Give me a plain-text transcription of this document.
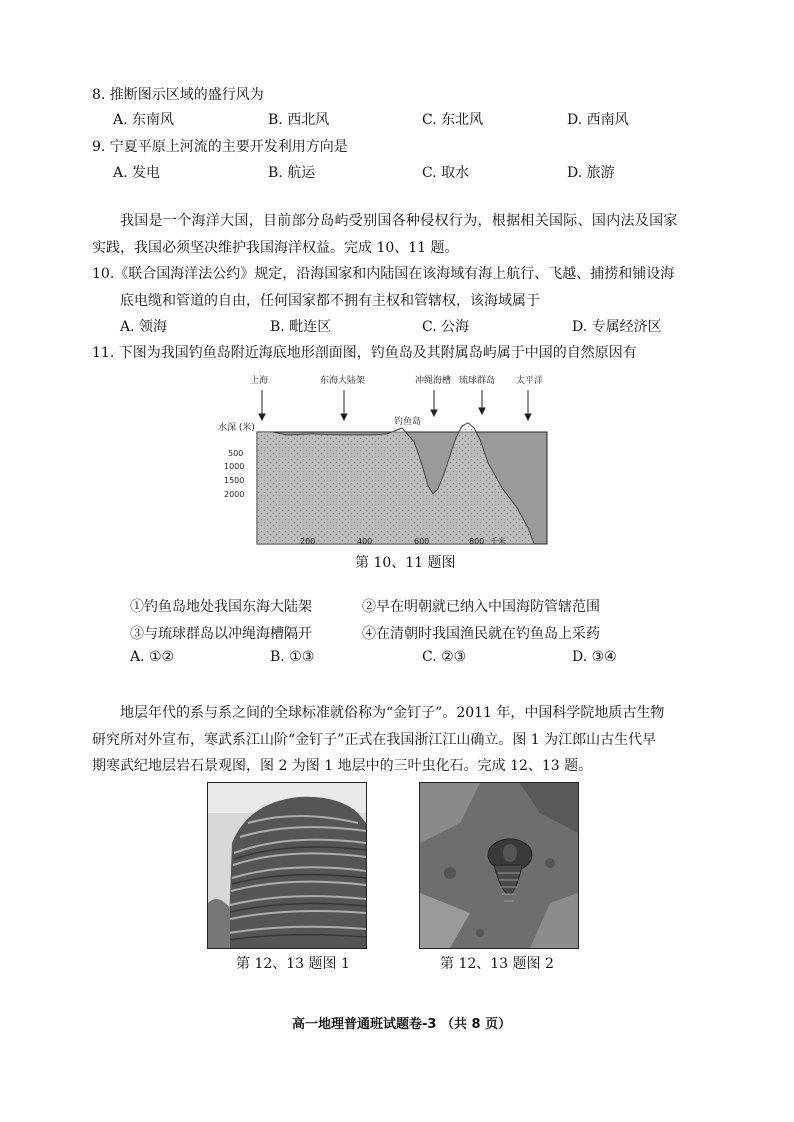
8. 推断图示区域的盛行风为
A. 东南风	B. 西北风	C. 东北风	D. 西南风
9. 宁夏平原上河流的主要开发利用方向是
A. 发电	B. 航运	C. 取水	D. 旅游
我国是一个海洋大国，目前部分岛屿受别国各种侵权行为，根据相关国际、国内法及国家
实践，我国必须坚决维护我国海洋权益。完成 10、11 题。
10.《联合国海洋法公约》规定，沿海国家和内陆国在该海域有海上航行、飞越、捕捞和铺设海
底电缆和管道的自由，任何国家都不拥有主权和管辖权，该海域属于
A. 领海	B. 毗连区	C. 公海	D. 专属经济区
11. 下图为我国钓鱼岛附近海底地形剖面图，钓鱼岛及其附属岛屿属于中国的自然原因有
上海	东海大陆架	冲绳海槽 琉球群岛 太平洋
钓鱼岛
水深 (米)
500
1000
1500
2000
200	400	600	800 千米
第 10、11 题图
①钓鱼岛地处我国东海大陆架	②早在明朝就已纳入中国海防管辖范围
③与琉球群岛以冲绳海槽隔开	④在清朝时我国渔民就在钓鱼岛上采药
A. ①②	B. ①③	C. ②③	D. ③④
地层年代的系与系之间的全球标准就俗称为“金钉子”。2011 年，中国科学院地质古生物
研究所对外宣布，寒武系江山阶“金钉子”正式在我国浙江江山确立。图 1 为江郎山古生代早
期寒武纪地层岩石景观图，图 2 为图 1 地层中的三叶虫化石。完成 12、13 题。
第 12、13 题图 1	第 12、13 题图 2
高一地理普通班试题卷-3 （共 8 页）
